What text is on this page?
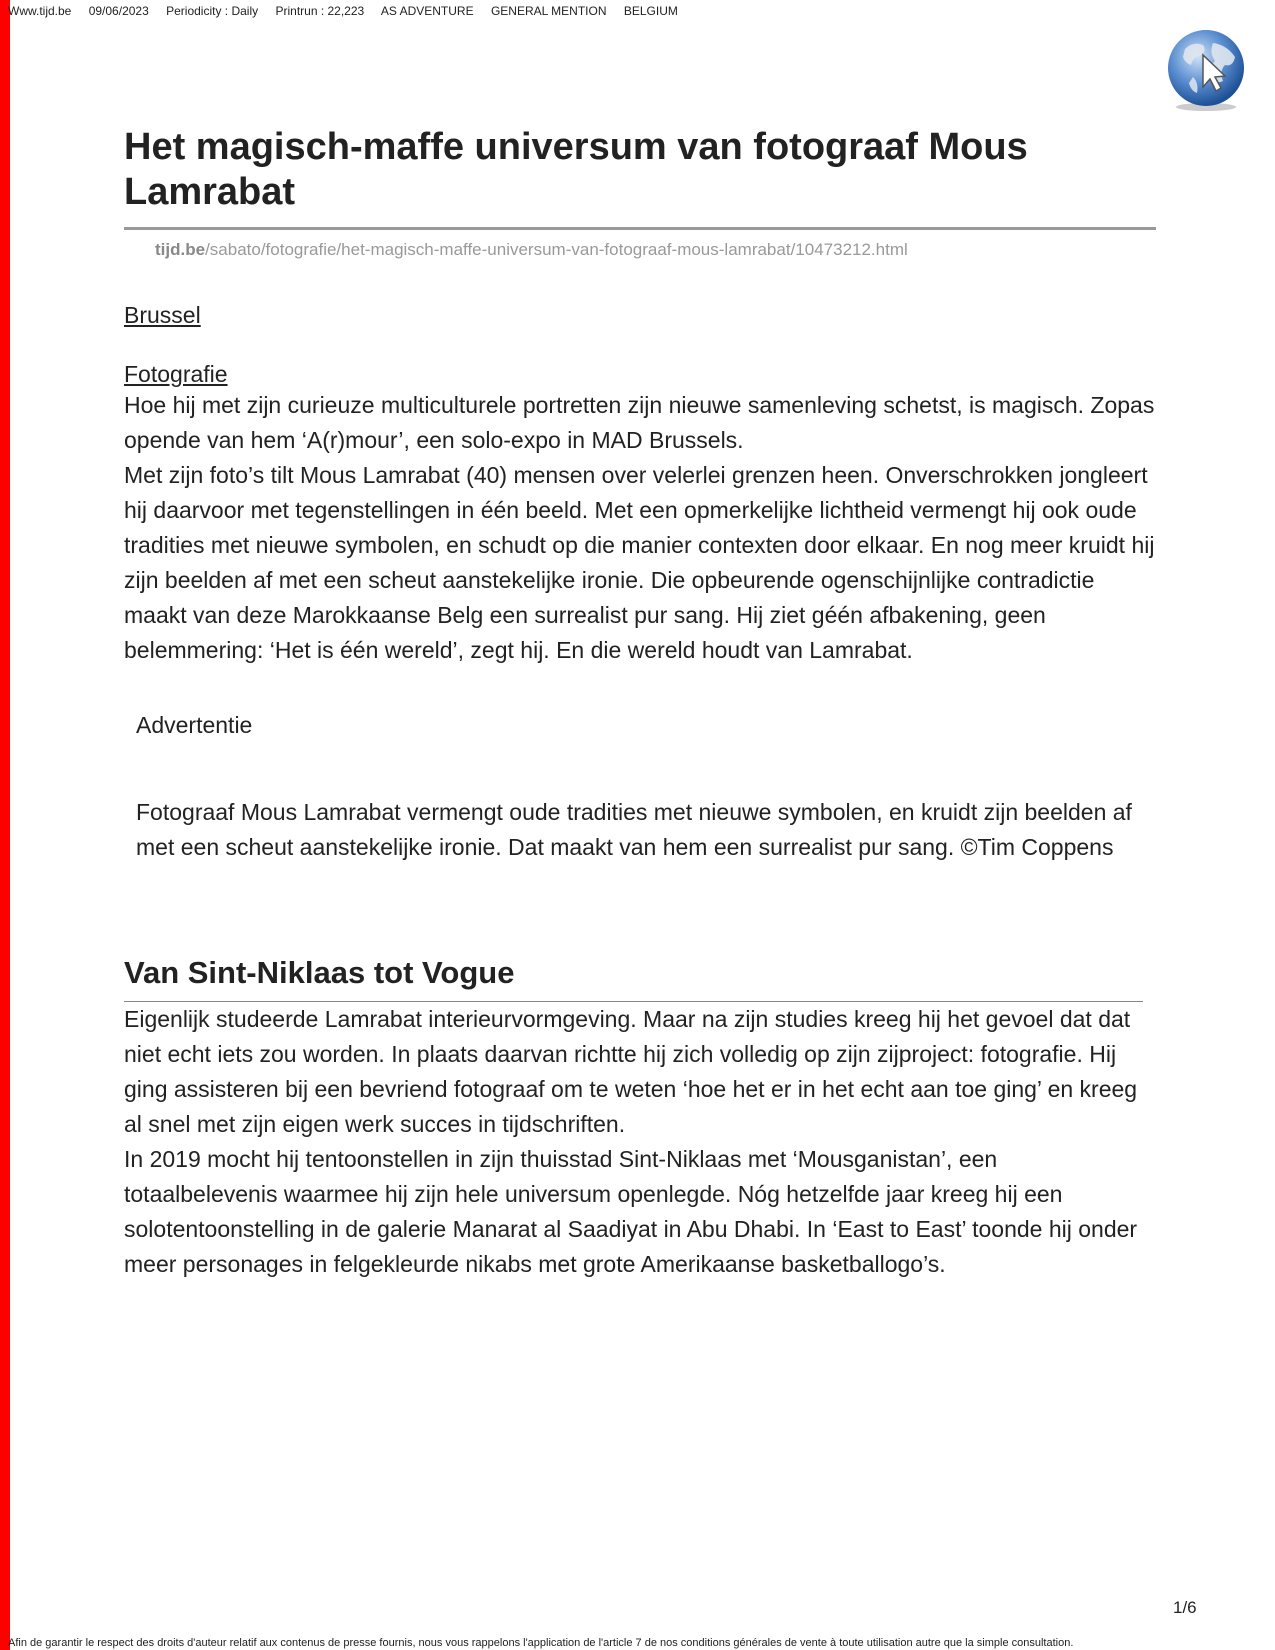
Www.tijd.be 09/06/2023 Periodicity : Daily Printrun : 22,223 AS ADVENTURE GENERAL MENTION BELGIUM
Het magisch-maffe universum van fotograaf Mous Lamrabat
tijd.be/sabato/fotografie/het-magisch-maffe-universum-van-fotograaf-mous-lamrabat/10473212.html
Brussel
Fotografie

Hoe hij met zijn curieuze multiculturele portretten zijn nieuwe samenleving schetst, is magisch. Zopas opende van hem ‘A(r)mour’, een solo-expo in MAD Brussels.

Met zijn foto’s tilt Mous Lamrabat (40) mensen over velerlei grenzen heen. Onverschrokken jongleert hij daarvoor met tegenstellingen in één beeld. Met een opmerkelijke lichtheid vermengt hij ook oude tradities met nieuwe symbolen, en schudt op die manier contexten door elkaar. En nog meer kruidt hij zijn beelden af met een scheut aanstekelijke ironie. Die opbeurende ogenschijnlijke contradictie maakt van deze Marokkaanse Belg een surrealist pur sang. Hij ziet géén afbakening, geen belemmering: ‘Het is één wereld’, zegt hij. En die wereld houdt van Lamrabat.

Advertentie
Fotograaf Mous Lamrabat vermengt oude tradities met nieuwe symbolen, en kruidt zijn beelden af met een scheut aanstekelijke ironie. Dat maakt van hem een surrealist pur sang. ©Tim Coppens
Van Sint-Niklaas tot Vogue

Eigenlijk studeerde Lamrabat interieurvormgeving. Maar na zijn studies kreeg hij het gevoel dat dat niet echt iets zou worden. In plaats daarvan richtte hij zich volledig op zijn zijproject: fotografie. Hij ging assisteren bij een bevriend fotograaf om te weten ‘hoe het er in het echt aan toe ging’ en kreeg al snel met zijn eigen werk succes in tijdschriften.

In 2019 mocht hij tentoonstellen in zijn thuisstad Sint-Niklaas met ‘Mousganistan’, een totaalbelevenis waarmee hij zijn hele universum openlegde. Nóg hetzelfde jaar kreeg hij een solotentoonstelling in de galerie Manarat al Saadiyat in Abu Dhabi. In ‘East to East’ toonde hij onder meer personages in felgekleurde nikabs met grote Amerikaanse basketballogo’s.

1/6
Afin de garantir le respect des droits d'auteur relatif aux contenus de presse fournis, nous vous rappelons l'application de l'article 7 de nos conditions générales de vente à toute utilisation autre que la simple consultation.
